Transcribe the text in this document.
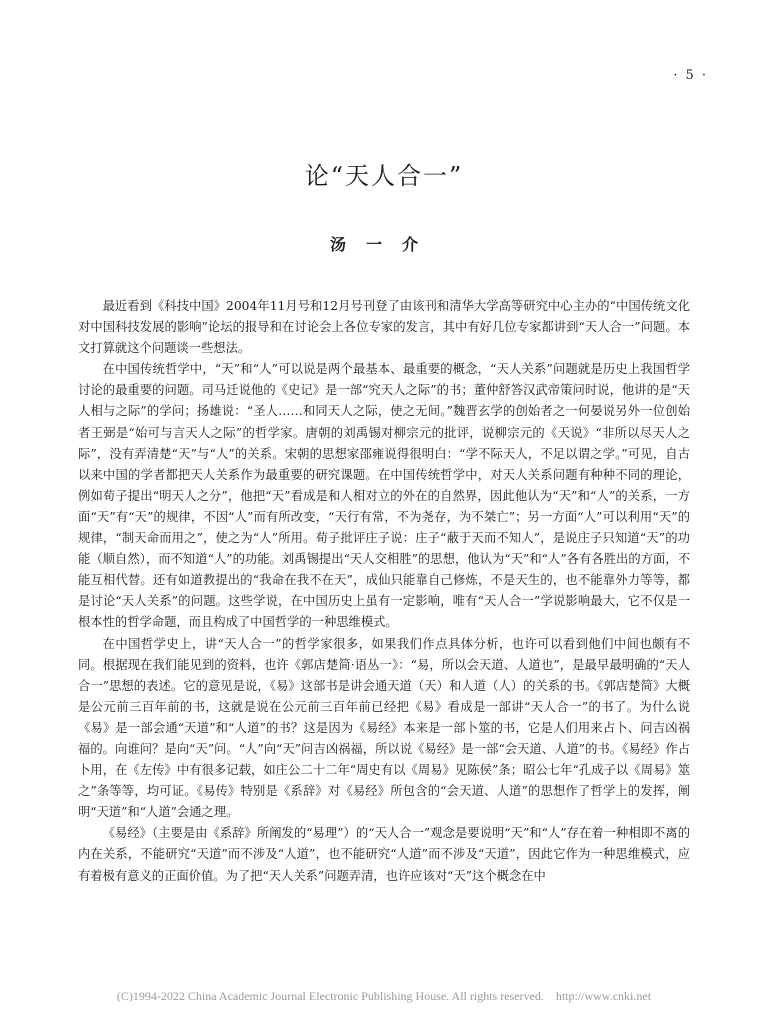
· 5 ·
论“天人合一”
汤一介

最近看到《科技中国》2004年11月号和12月号刊登了由该刊和清华大学高等研究中心主办的“中国传统文化对中国科技发展的影响”论坛的报导和在讨论会上各位专家的发言，其中有好几位专家都讲到“天人合一”问题。本文打算就这个问题谈一些想法。

在中国传统哲学中，“天”和“人”可以说是两个最基本、最重要的概念，“天人关系”问题就是历史上我国哲学讨论的最重要的问题。司马迁说他的《史记》是一部“究天人之际”的书；董仲舒答汉武帝策问时说，他讲的是“天人相与之际”的学问；扬雄说：“圣人……和同天人之际，使之无间。”魏晋玄学的创始者之一何晏说另外一位创始者王弼是“始可与言天人之际”的哲学家。唐朝的刘禹锡对柳宗元的批评，说柳宗元的《天说》“非所以尽天人之际”，没有弄清楚“天”与“人”的关系。宋朝的思想家邵雍说得很明白：“学不际天人，不足以谓之学。”可见，自古以来中国的学者都把天人关系作为最重要的研究课题。在中国传统哲学中，对天人关系问题有种种不同的理论，例如荀子提出“明天人之分”，他把“天”看成是和人相对立的外在的自然界，因此他认为“天”和“人”的关系，一方面“天”有“天”的规律，不因“人”而有所改变，“天行有常，不为尧存，为不桀亡”；另一方面“人”可以利用“天”的规律，“制天命而用之”，使之为“人”所用。荀子批评庄子说：庄子“蔽于天而不知人”，是说庄子只知道“天”的功能（顺自然），而不知道“人”的功能。刘禹锡提出“天人交相胜”的思想，他认为“天”和“人”各有各胜出的方面，不能互相代替。还有如道教提出的“我命在我不在天”，成仙只能靠自己修炼，不是天生的，也不能靠外力等等，都是讨论“天人关系”的问题。这些学说，在中国历史上虽有一定影响，唯有“天人合一”学说影响最大，它不仅是一根本性的哲学命题，而且构成了中国哲学的一种思维模式。

在中国哲学史上，讲“天人合一”的哲学家很多，如果我们作点具体分析，也许可以看到他们中间也颇有不同。根据现在我们能见到的资料，也许《郭店楚简·语丛一》：“易，所以会天道、人道也”，是最早最明确的“天人合一”思想的表述。它的意见是说，《易》这部书是讲会通天道（天）和人道（人）的关系的书。《郭店楚简》大概是公元前三百年前的书，这就是说在公元前三百年前已经把《易》看成是一部讲“天人合一”的书了。为什么说《易》是一部会通“天道”和“人道”的书？这是因为《易经》本来是一部卜筮的书，它是人们用来占卜、问吉凶祸福的。向谁问？是向“天”问。“人”向“天”问吉凶祸福，所以说《易经》是一部“会天道、人道”的书。《易经》作占卜用，在《左传》中有很多记载，如庄公二十二年“周史有以《周易》见陈侯”条；昭公七年“孔成子以《周易》筮之”条等等，均可证。《易传》特别是《系辞》对《易经》所包含的“会天道、人道”的思想作了哲学上的发挥，阐明“天道”和“人道”会通之理。

《易经》（主要是由《系辞》所阐发的“易理”）的“天人合一”观念是要说明“天”和“人”存在着一种相即不离的内在关系，不能研究“天道”而不涉及“人道”，也不能研究“人道”而不涉及“天道”，因此它作为一种思维模式，应有着极有意义的正面价值。为了把“天人关系”问题弄清，也许应该对“天”这个概念在中

(C)1994-2022 China Academic Journal Electronic Publishing House. All rights reserved.    http://www.cnki.net
